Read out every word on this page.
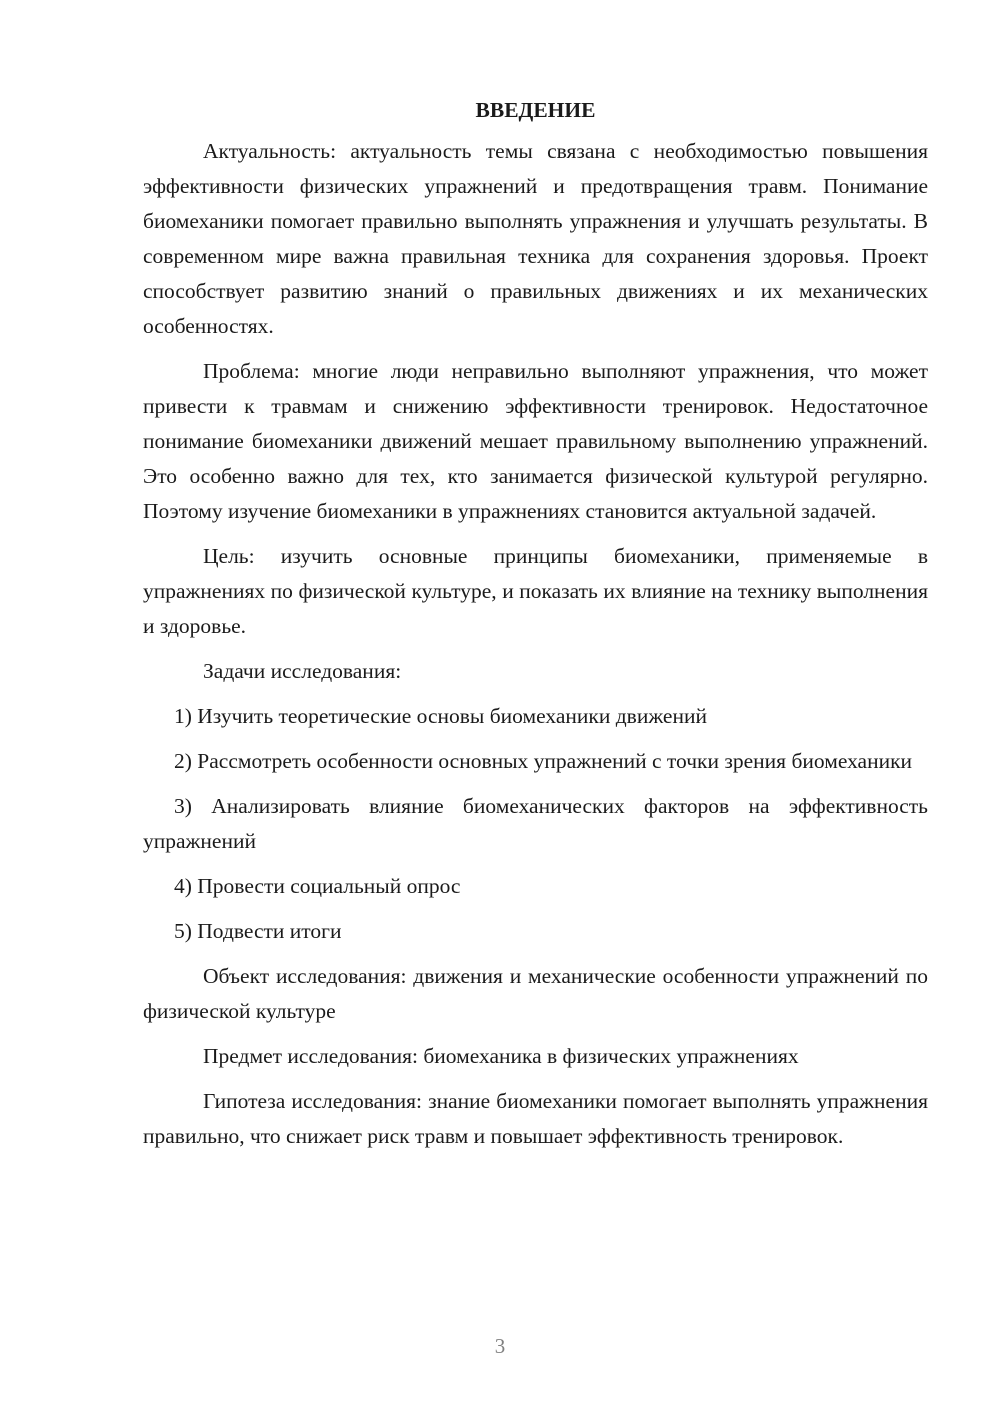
ВВЕДЕНИЕ

Актуальность: актуальность темы связана с необходимостью повышения эффективности физических упражнений и предотвращения травм. Понимание биомеханики помогает правильно выполнять упражнения и улучшать результаты. В современном мире важна правильная техника для сохранения здоровья. Проект способствует развитию знаний о правильных движениях и их механических особенностях.

Проблема: многие люди неправильно выполняют упражнения, что может привести к травмам и снижению эффективности тренировок. Недостаточное понимание биомеханики движений мешает правильному выполнению упражнений. Это особенно важно для тех, кто занимается физической культурой регулярно. Поэтому изучение биомеханики в упражнениях становится актуальной задачей.

Цель: изучить основные принципы биомеханики, применяемые в упражнениях по физической культуре, и показать их влияние на технику выполнения и здоровье.

Задачи исследования:

1) Изучить теоретические основы биомеханики движений

2) Рассмотреть особенности основных упражнений с точки зрения биомеханики

3) Анализировать влияние биомеханических факторов на эффективность упражнений

4) Провести социальный опрос

5) Подвести итоги

Объект исследования: движения и механические особенности упражнений по физической культуре

Предмет исследования: биомеханика в физических упражнениях

Гипотеза исследования: знание биомеханики помогает выполнять упражнения правильно, что снижает риск травм и повышает эффективность тренировок.

3
